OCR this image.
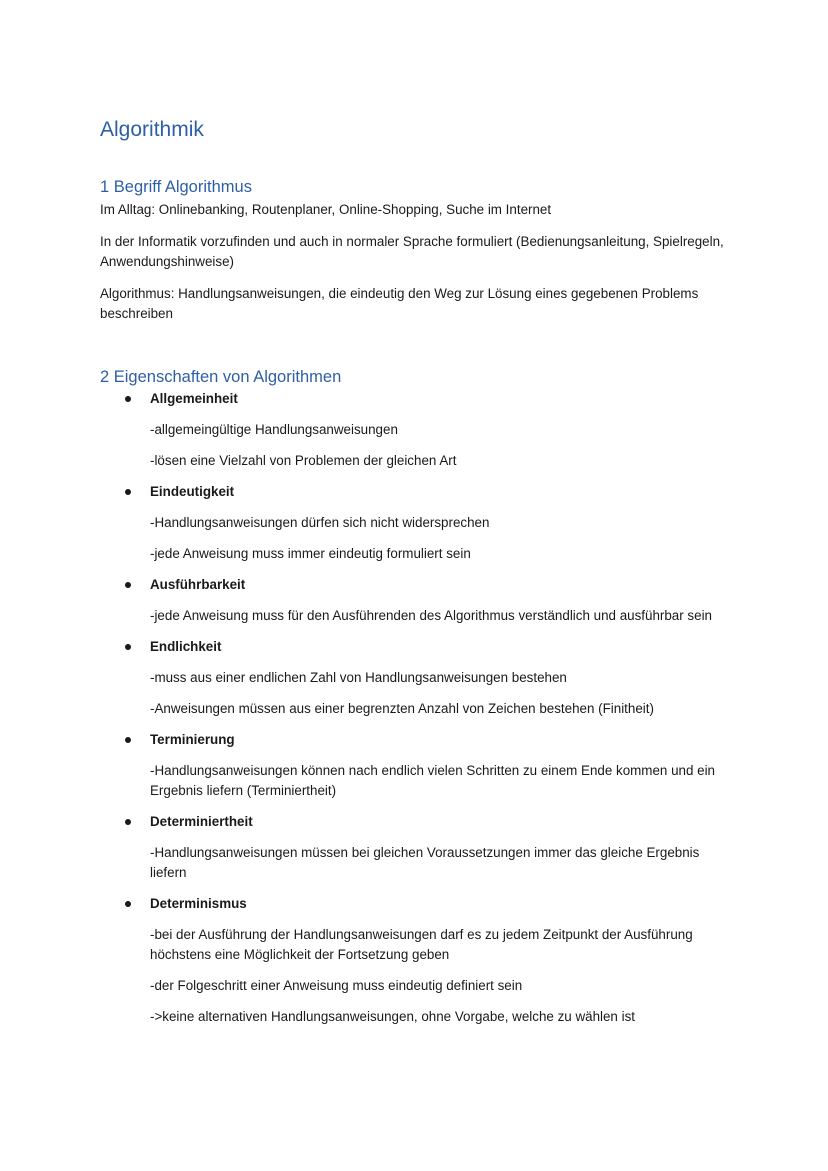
Algorithmik
1 Begriff Algorithmus

Im Alltag: Onlinebanking, Routenplaner, Online-Shopping, Suche im Internet

In der Informatik vorzufinden und auch in normaler Sprache formuliert (Bedienungsanleitung, Spielregeln, Anwendungshinweise)

Algorithmus: Handlungsanweisungen, die eindeutig den Weg zur Lösung eines gegebenen Problems beschreiben

2 Eigenschaften von Algorithmen
Allgemeinheit
-allgemeingültige Handlungsanweisungen
-lösen eine Vielzahl von Problemen der gleichen Art
Eindeutigkeit
-Handlungsanweisungen dürfen sich nicht widersprechen
-jede Anweisung muss immer eindeutig formuliert sein
Ausführbarkeit
-jede Anweisung muss für den Ausführenden des Algorithmus verständlich und ausführbar sein
Endlichkeit
-muss aus einer endlichen Zahl von Handlungsanweisungen bestehen
-Anweisungen müssen aus einer begrenzten Anzahl von Zeichen bestehen (Finitheit)
Terminierung
-Handlungsanweisungen können nach endlich vielen Schritten zu einem Ende kommen und ein Ergebnis liefern (Terminiertheit)
Determiniertheit
-Handlungsanweisungen müssen bei gleichen Voraussetzungen immer das gleiche Ergebnis liefern
Determinismus
-bei der Ausführung der Handlungsanweisungen darf es zu jedem Zeitpunkt der Ausführung höchstens eine Möglichkeit der Fortsetzung geben
-der Folgeschritt einer Anweisung muss eindeutig definiert sein
->keine alternativen Handlungsanweisungen, ohne Vorgabe, welche zu wählen ist
